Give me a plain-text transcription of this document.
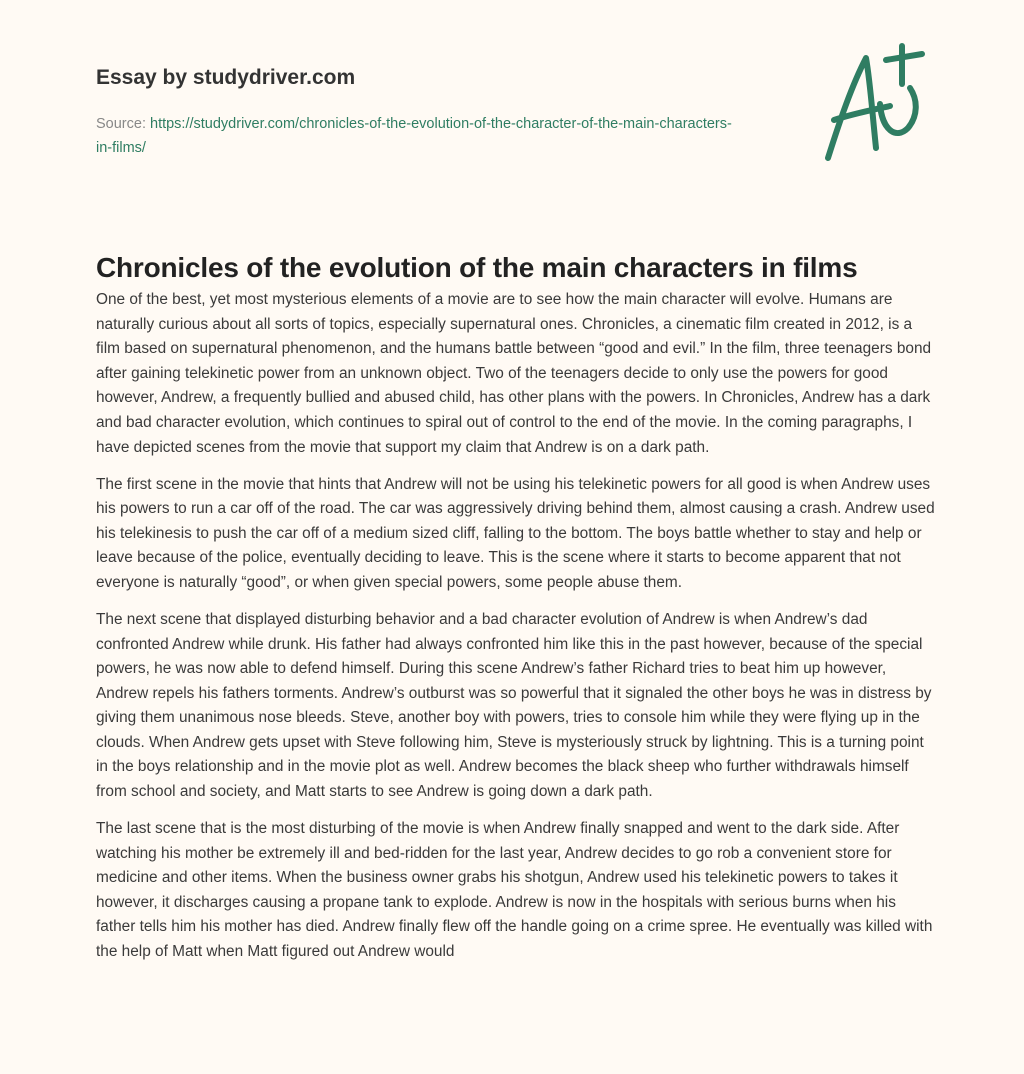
Essay by studydriver.com
Source: https://studydriver.com/chronicles-of-the-evolution-of-the-character-of-the-main-characters-in-films/
Chronicles of the evolution of the main characters in films

One of the best, yet most mysterious elements of a movie are to see how the main character will evolve. Humans are naturally curious about all sorts of topics, especially supernatural ones. Chronicles, a cinematic film created in 2012, is a film based on supernatural phenomenon, and the humans battle between “good and evil.” In the film, three teenagers bond after gaining telekinetic power from an unknown object. Two of the teenagers decide to only use the powers for good however, Andrew, a frequently bullied and abused child, has other plans with the powers. In Chronicles, Andrew has a dark and bad character evolution, which continues to spiral out of control to the end of the movie. In the coming paragraphs, I have depicted scenes from the movie that support my claim that Andrew is on a dark path.

The first scene in the movie that hints that Andrew will not be using his telekinetic powers for all good is when Andrew uses his powers to run a car off of the road. The car was aggressively driving behind them, almost causing a crash. Andrew used his telekinesis to push the car off of a medium sized cliff, falling to the bottom. The boys battle whether to stay and help or leave because of the police, eventually deciding to leave. This is the scene where it starts to become apparent that not everyone is naturally “good”, or when given special powers, some people abuse them.

The next scene that displayed disturbing behavior and a bad character evolution of Andrew is when Andrew’s dad confronted Andrew while drunk. His father had always confronted him like this in the past however, because of the special powers, he was now able to defend himself. During this scene Andrew’s father Richard tries to beat him up however, Andrew repels his fathers torments. Andrew’s outburst was so powerful that it signaled the other boys he was in distress by giving them unanimous nose bleeds. Steve, another boy with powers, tries to console him while they were flying up in the clouds. When Andrew gets upset with Steve following him, Steve is mysteriously struck by lightning. This is a turning point in the boys relationship and in the movie plot as well. Andrew becomes the black sheep who further withdrawals himself from school and society, and Matt starts to see Andrew is going down a dark path.

The last scene that is the most disturbing of the movie is when Andrew finally snapped and went to the dark side. After watching his mother be extremely ill and bed-ridden for the last year, Andrew decides to go rob a convenient store for medicine and other items. When the business owner grabs his shotgun, Andrew used his telekinetic powers to takes it however, it discharges causing a propane tank to explode. Andrew is now in the hospitals with serious burns when his father tells him his mother has died. Andrew finally flew off the handle going on a crime spree. He eventually was killed with the help of Matt when Matt figured out Andrew would
